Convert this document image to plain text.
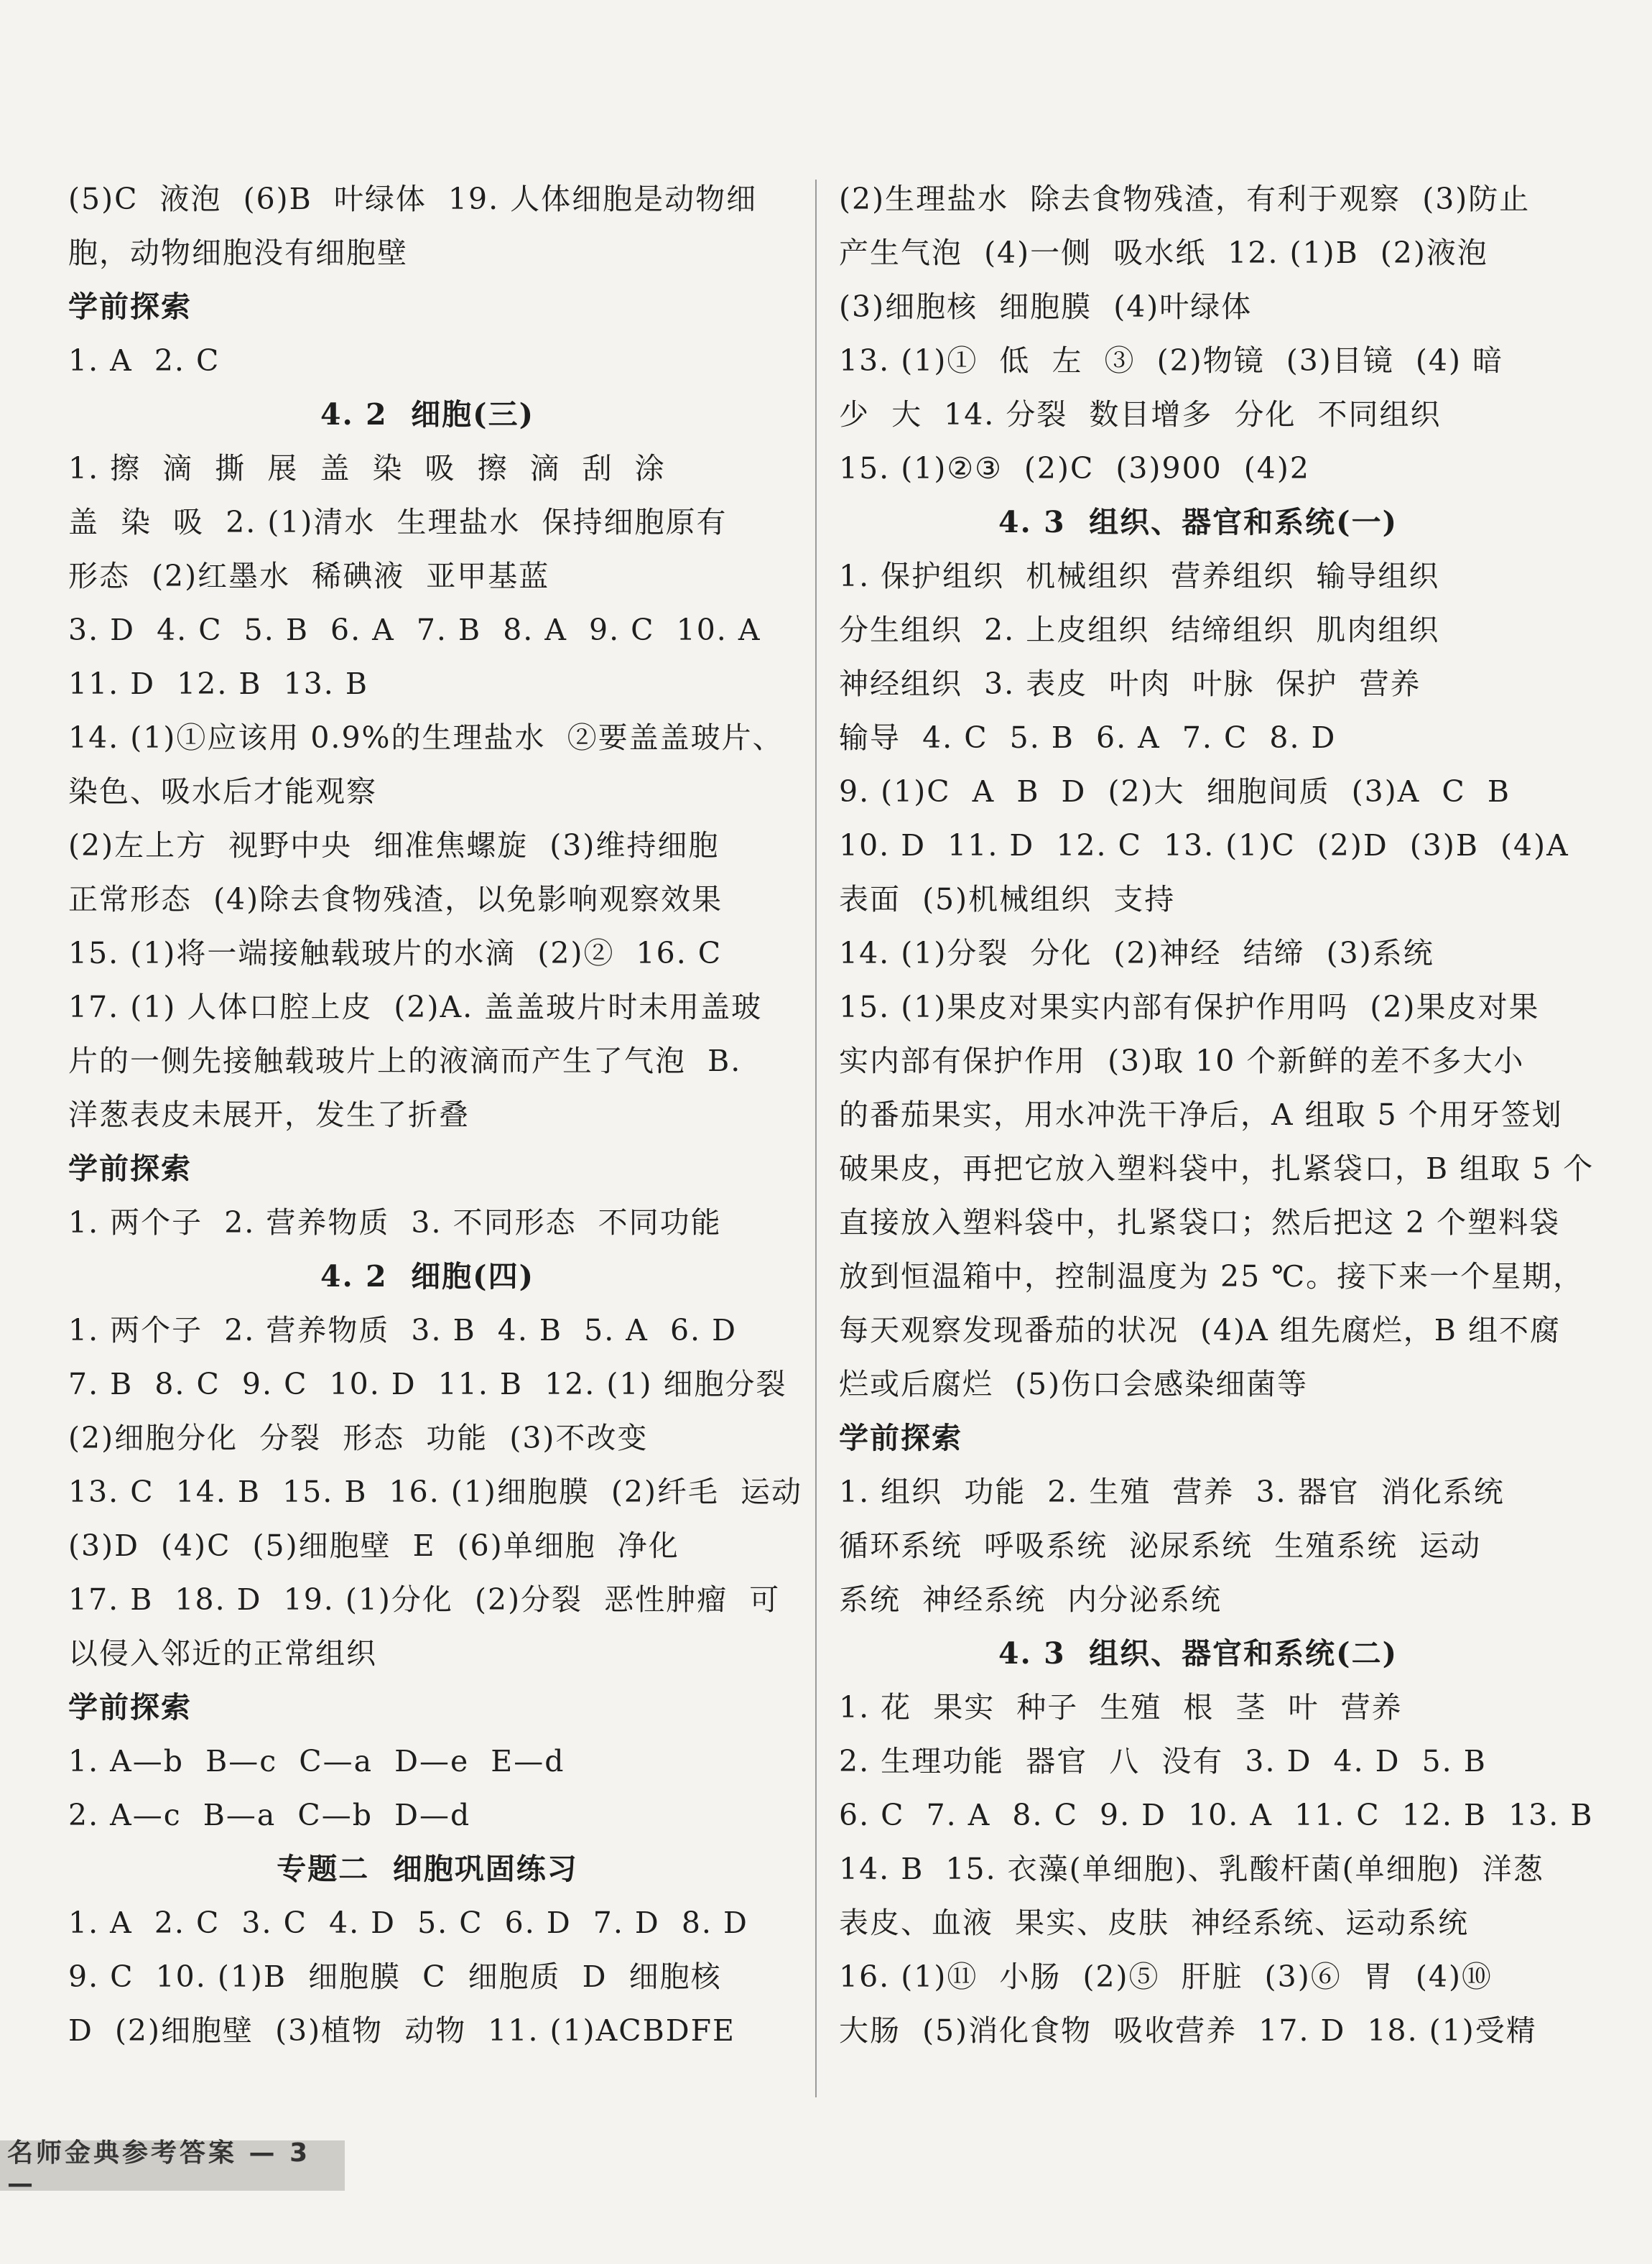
(5)C  液泡  (6)B  叶绿体  19. 人体细胞是动物细
胞，动物细胞没有细胞壁
学前探索
1. A  2. C
4. 2  细胞(三)
1. 擦  滴  撕  展  盖  染  吸  擦  滴  刮  涂
盖  染  吸  2. (1)清水  生理盐水  保持细胞原有
形态  (2)红墨水  稀碘液  亚甲基蓝
3. D  4. C  5. B  6. A  7. B  8. A  9. C  10. A
11. D  12. B  13. B
14. (1)①应该用 0.9%的生理盐水  ②要盖盖玻片、
染色、吸水后才能观察
(2)左上方  视野中央  细准焦螺旋  (3)维持细胞
正常形态  (4)除去食物残渣，以免影响观察效果
15. (1)将一端接触载玻片的水滴  (2)②  16. C
17. (1) 人体口腔上皮  (2)A. 盖盖玻片时未用盖玻
片的一侧先接触载玻片上的液滴而产生了气泡  B.
洋葱表皮未展开，发生了折叠
学前探索
1. 两个子  2. 营养物质  3. 不同形态  不同功能
4. 2  细胞(四)
1. 两个子  2. 营养物质  3. B  4. B  5. A  6. D
7. B  8. C  9. C  10. D  11. B  12. (1) 细胞分裂
(2)细胞分化  分裂  形态  功能  (3)不改变
13. C  14. B  15. B  16. (1)细胞膜  (2)纤毛  运动
(3)D  (4)C  (5)细胞壁  E  (6)单细胞  净化
17. B  18. D  19. (1)分化  (2)分裂  恶性肿瘤  可
以侵入邻近的正常组织
学前探索
1. A—b  B—c  C—a  D—e  E—d
2. A—c  B—a  C—b  D—d
专题二  细胞巩固练习
1. A  2. C  3. C  4. D  5. C  6. D  7. D  8. D
9. C  10. (1)B  细胞膜  C  细胞质  D  细胞核
D  (2)细胞壁  (3)植物  动物  11. (1)ACBDFE
(2)生理盐水  除去食物残渣，有利于观察  (3)防止
产生气泡  (4)一侧  吸水纸  12. (1)B  (2)液泡
(3)细胞核  细胞膜  (4)叶绿体
13. (1)①  低  左  ③  (2)物镜  (3)目镜  (4) 暗
少  大  14. 分裂  数目增多  分化  不同组织
15. (1)②③  (2)C  (3)900  (4)2
4. 3  组织、器官和系统(一)
1. 保护组织  机械组织  营养组织  输导组织
分生组织  2. 上皮组织  结缔组织  肌肉组织
神经组织  3. 表皮  叶肉  叶脉  保护  营养
输导  4. C  5. B  6. A  7. C  8. D
9. (1)C  A  B  D  (2)大  细胞间质  (3)A  C  B
10. D  11. D  12. C  13. (1)C  (2)D  (3)B  (4)A
表面  (5)机械组织  支持
14. (1)分裂  分化  (2)神经  结缔  (3)系统
15. (1)果皮对果实内部有保护作用吗  (2)果皮对果
实内部有保护作用  (3)取 10 个新鲜的差不多大小
的番茄果实，用水冲洗干净后，A 组取 5 个用牙签划
破果皮，再把它放入塑料袋中，扎紧袋口，B 组取 5 个
直接放入塑料袋中，扎紧袋口；然后把这 2 个塑料袋
放到恒温箱中，控制温度为 25 ℃。接下来一个星期，
每天观察发现番茄的状况  (4)A 组先腐烂，B 组不腐
烂或后腐烂  (5)伤口会感染细菌等
学前探索
1. 组织  功能  2. 生殖  营养  3. 器官  消化系统
循环系统  呼吸系统  泌尿系统  生殖系统  运动
系统  神经系统  内分泌系统
4. 3  组织、器官和系统(二)
1. 花  果实  种子  生殖  根  茎  叶  营养
2. 生理功能  器官  八  没有  3. D  4. D  5. B
6. C  7. A  8. C  9. D  10. A  11. C  12. B  13. B
14. B  15. 衣藻(单细胞)、乳酸杆菌(单细胞)  洋葱
表皮、血液  果实、皮肤  神经系统、运动系统
16. (1)⑪  小肠  (2)⑤  肝脏  (3)⑥  胃  (4)⑩
大肠  (5)消化食物  吸收营养  17. D  18. (1)受精
名师金典参考答案 — 3 —
